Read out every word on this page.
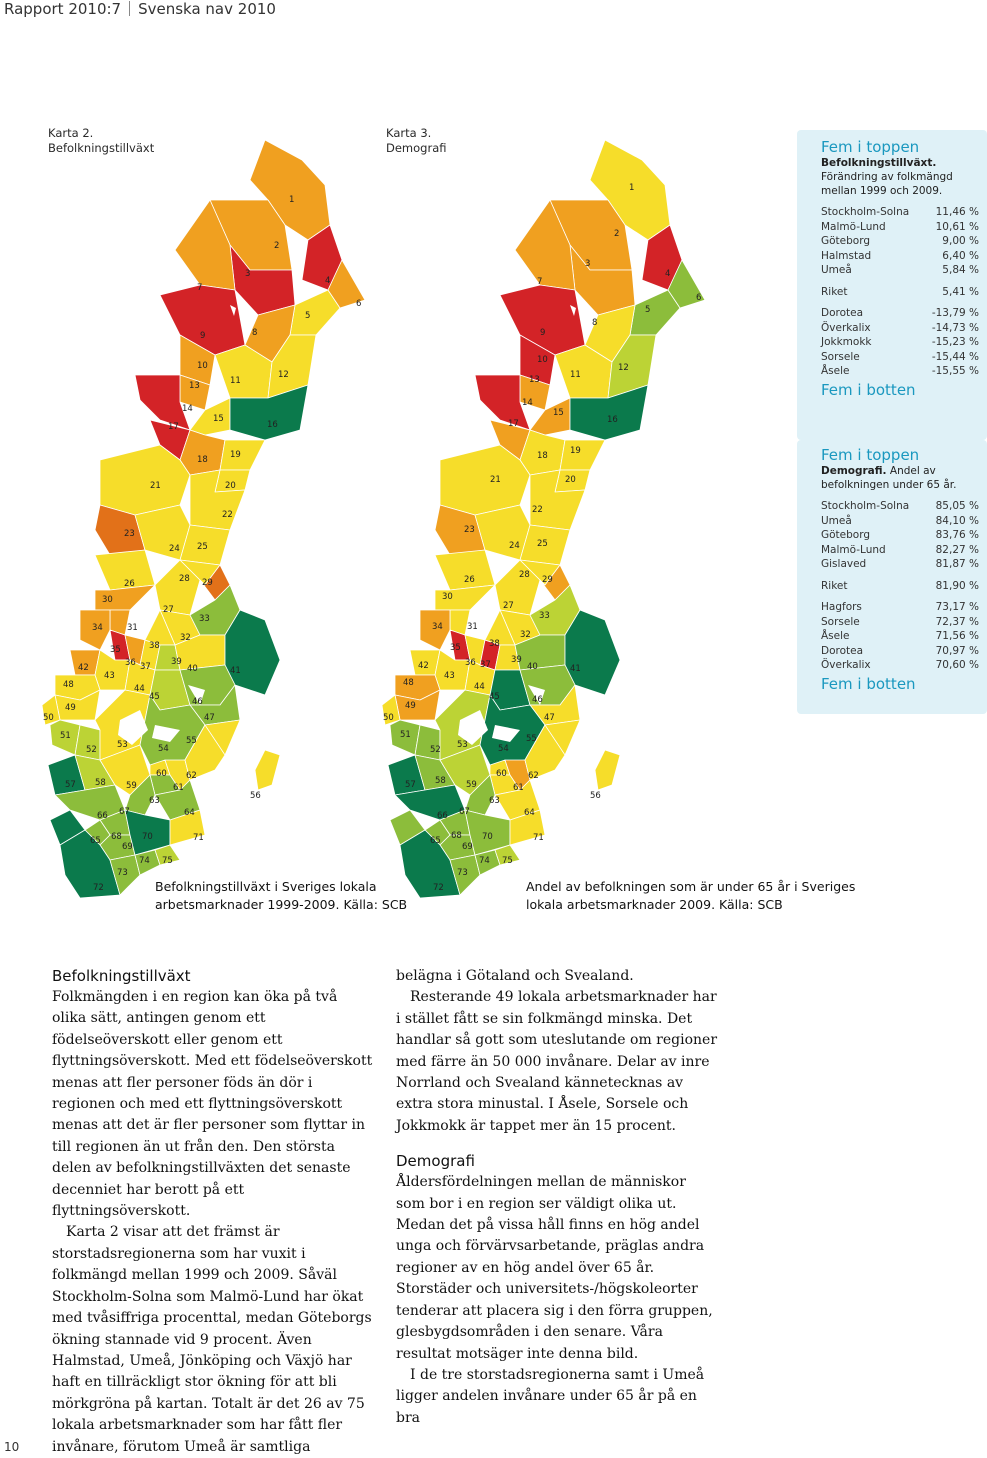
Rapport 2010:7 Svenska nav 2010
Karta 2.
Befolkningstillväxt
Karta 3.
Demografi
1
2
3
4
5
6
7
8
9
10
11
12
13
14
15
16
17
18	19
20
21
22
23
24 25
26
27
28 29
30
31
32
33
34
35
36 37
38
39
40	41
42
43
44
45	46
47
48
49
50
51
52 53	54
55
56
57 58 59
60
61
62
63
64
65
66 67
68
69
70	71
72
73
74 75
1
2
3
4
5
6
7
8
9
10
11
12
13
14
15
16
17
18	19
20
21
22
23
24 25
26
27
28 29
30
31
32
33
34
35
36 37
38
39
40	41
42
43
44
45	46
47
48
49
50
51
52 53	54
55
56
57 58 59
60
61
62
63
64
65
66 67
68
69
70	71
72
73
74 75
Befolkningstillväxt i Sveriges lokala
arbetsmarknader 1999-2009. Källa: SCB
Andel av befolkningen som är under 65 år i Sveriges
lokala arbetsmarknader 2009. Källa: SCB
Fem i toppen
Befolkningstillväxt.
Förändring av folkmängd
mellan 1999 och 2009.
Stockholm-Solna	11,46 %
Malmö-Lund	10,61 %
Göteborg	9,00 %
Halmstad	6,40 %
Umeå	5,84 %
Riket	5,41 %
Dorotea	-13,79 %
Överkalix	-14,73 %
Jokkmokk	-15,23 %
Sorsele	-15,44 %
Åsele	-15,55 %
Fem i botten
Fem i toppen
Demografi. Andel av
befolkningen under 65 år.
Stockholm-Solna	85,05 %
Umeå	84,10 %
Göteborg	83,76 %
Malmö-Lund	82,27 %
Gislaved	81,87 %
Riket	81,90 %
Hagfors	73,17 %
Sorsele	72,37 %
Åsele	71,56 %
Dorotea	70,97 %
Överkalix	70,60 %
Fem i botten
Befolkningstillväxt

Folkmängden i en region kan öka på två olika sätt, antingen genom ett födelseöverskott eller genom ett flyttningsöverskott. Med ett födelseöverskott menas att fler personer föds än dör i regionen och med ett flyttningsöverskott menas att det är fler personer som flyttar in till regionen än ut från den. Den största delen av befolkningstillväxten det senaste decenniet har berott på ett flyttningsöverskott.

Karta 2 visar att det främst är storstadsregionerna som har vuxit i folkmängd mellan 1999 och 2009. Såväl Stockholm-Solna som Malmö-Lund har ökat med tvåsiffriga procenttal, medan Göteborgs ökning stannade vid 9 procent. Även Halmstad, Umeå, Jönköping och Växjö har haft en tillräckligt stor ökning för att bli mörkgröna på kartan. Totalt är det 26 av 75 lokala arbetsmarknader som har fått fler invånare, förutom Umeå är samtliga

belägna i Götaland och Svealand.

Resterande 49 lokala arbetsmarknader har i stället fått se sin folkmängd minska. Det handlar så gott som uteslutande om regioner med färre än 50 000 invånare. Delar av inre Norrland och Svealand kännetecknas av extra stora minustal. I Åsele, Sorsele och Jokkmokk är tappet mer än 15 procent.

Demografi

Åldersfördelningen mellan de människor som bor i en region ser väldigt olika ut. Medan det på vissa håll finns en hög andel unga och förvärvsarbetande, präglas andra regioner av en hög andel över 65 år. Storstäder och universitets-/högskoleorter tenderar att placera sig i den förra gruppen, glesbygdsområden i den senare. Våra resultat motsäger inte denna bild.

I de tre storstadsregionerna samt i Umeå ligger andelen invånare under 65 år på en bra

10
